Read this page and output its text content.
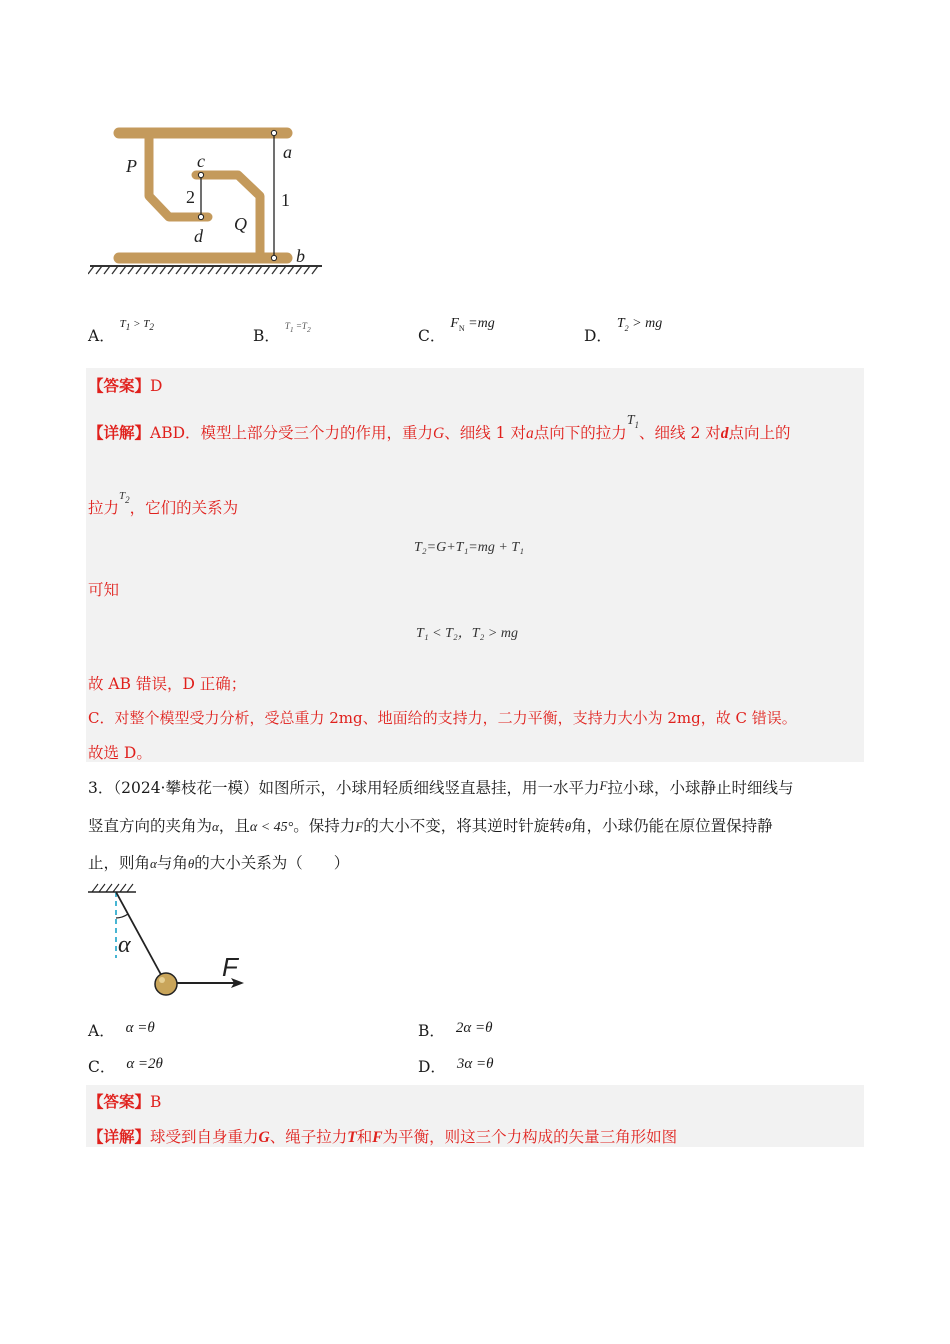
P	c
2
d
Q
a
1
b
A． $^{T_1 > T_2}$	B． $^{T_1 =T_2}$	C． $F_N =mg$
D． $T_2$ > mg
【答案】D
【详解】ABD．模型上部分受三个力的作用，重力G、细线 1 对a点向下的拉力$T_1$、细线 2 对d点向上的
拉力$^{T_2}$，它们的关系为
T₂=G+T₁=mg + T₁
可知
T₁ < T₂，T₂ > mg
故 AB 错误，D 正确；
C．对整个模型受力分析，受总重力 2mg、地面给的支持力，二力平衡，支持力大小为 2mg，故 C 错误。
故选 D。
3．（2024·攀枝花一模）如图所示，小球用轻质细线竖直悬挂，用一水平力F拉小球，小球静止时细线与
竖直方向的夹角为α，且α < 45°。保持力F的大小不变，将其逆时针旋转θ角，小球仍能在原位置保持静
止，则角α与角θ的大小关系为（　　）
α
F
A． α =θ	B． 2α =θ
C． α =2θ	D． 3α =θ
【答案】B
【详解】球受到自身重力G、绳子拉力T和F为平衡，则这三个力构成的矢量三角形如图
